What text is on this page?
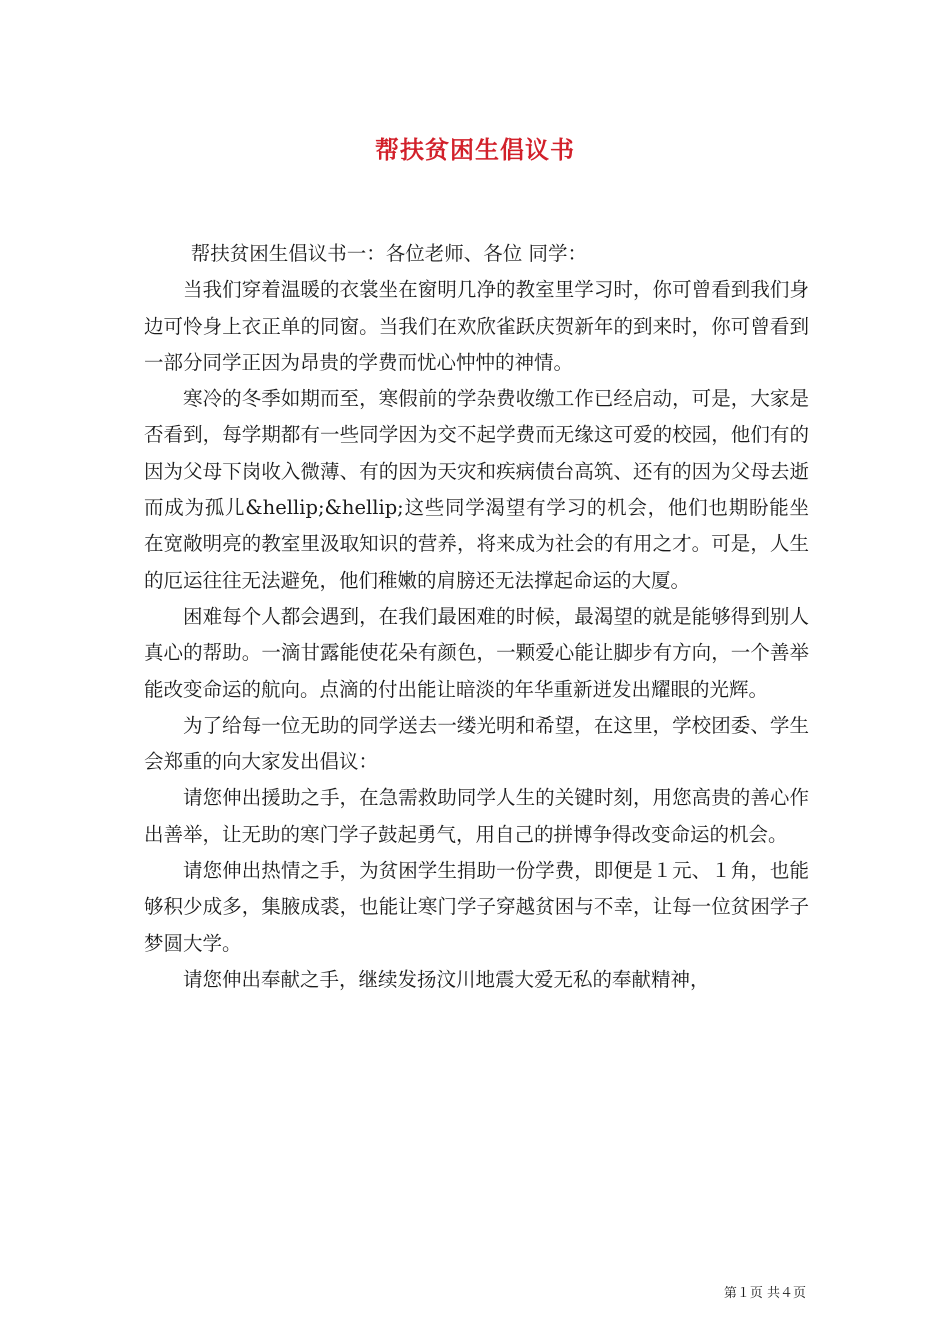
帮扶贫困生倡议书

帮扶贫困生倡议书一：各位老师、各位 同学：

当我们穿着温暖的衣裳坐在窗明几净的教室里学习时，你可曾看到我们身边可怜身上衣正单的同窗。当我们在欢欣雀跃庆贺新年的到来时，你可曾看到一部分同学正因为昂贵的学费而忧心忡忡的神情。

寒冷的冬季如期而至，寒假前的学杂费收缴工作已经启动，可是，大家是否看到，每学期都有一些同学因为交不起学费而无缘这可爱的校园，他们有的因为父母下岗收入微薄、有的因为天灾和疾病债台高筑、还有的因为父母去逝而成为孤儿&hellip;&hellip;这些同学渴望有学习的机会，他们也期盼能坐在宽敞明亮的教室里汲取知识的营养，将来成为社会的有用之才。可是，人生的厄运往往无法避免，他们稚嫩的肩膀还无法撑起命运的大厦。

困难每个人都会遇到，在我们最困难的时候，最渴望的就是能够得到别人真心的帮助。一滴甘露能使花朵有颜色，一颗爱心能让脚步有方向，一个善举能改变命运的航向。点滴的付出能让暗淡的年华重新迸发出耀眼的光辉。

为了给每一位无助的同学送去一缕光明和希望，在这里，学校团委、学生会郑重的向大家发出倡议：

请您伸出援助之手，在急需救助同学人生的关键时刻，用您高贵的善心作出善举，让无助的寒门学子鼓起勇气，用自己的拼博争得改变命运的机会。

请您伸出热情之手，为贫困学生捐助一份学费，即便是１元、１角，也能够积少成多，集腋成裘，也能让寒门学子穿越贫困与不幸，让每一位贫困学子梦圆大学。

请您伸出奉献之手，继续发扬汶川地震大爱无私的奉献精神，

第１页 共４页
